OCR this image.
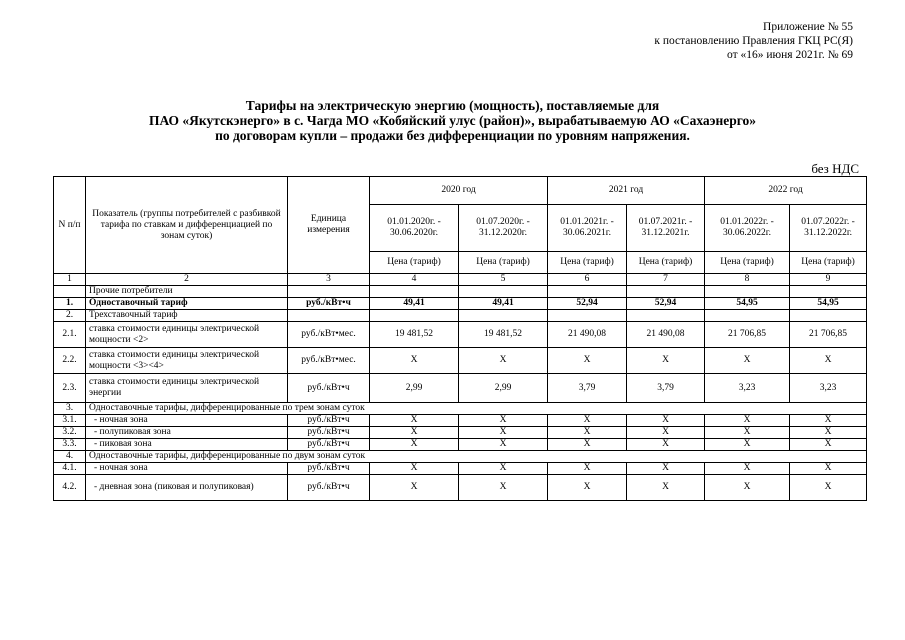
Приложение № 55
к постановлению Правления ГКЦ РС(Я)
от «16» июня 2021г. № 69
Тарифы на электрическую энергию (мощность), поставляемые для
ПАО «Якутскэнерго» в с. Чагда МО «Кобяйский улус (район)», вырабатываемую АО «Сахаэнерго»
по договорам купли – продажи без дифференциации по уровням напряжения.
без НДС
N п/п	Показатель (группы потребителей с разбивкой тарифа по ставкам и дифференциацией по зонам суток)	Единица измерения	2020 год		2021 год		2022 год	
			01.01.2020г. - 30.06.2020г.	01.07.2020г. - 31.12.2020г.	01.01.2021г. - 30.06.2021г.	01.07.2021г. - 31.12.2021г.	01.01.2022г. - 30.06.2022г.	01.07.2022г. - 31.12.2022г.
			Цена (тариф)	Цена (тариф)	Цена (тариф)	Цена (тариф)	Цена (тариф)	Цена (тариф)
1	2	3	4	5	6	7	8	9
	Прочие потребители							
1.	Одноставочный тариф	руб./кВт•ч	49,41	49,41	52,94	52,94	54,95	54,95
2.	Трехставочный тариф							
2.1.	ставка стоимости единицы электрической мощности <2>	руб./кВт•мес.	19 481,52	19 481,52	21 490,08	21 490,08	21 706,85	21 706,85
2.2.	ставка стоимости единицы электрической мощности <3><4>	руб./кВт•мес.	X	X	X	X	X	X
2.3.	ставка стоимости единицы электрической энергии	руб./кВт•ч	2,99	2,99	3,79	3,79	3,23	3,23
3.	Одноставочные тарифы, дифференцированные по трем зонам суток							
3.1.	- ночная зона	руб./кВт•ч	X	X	X	X	X	X
3.2.	- полупиковая зона	руб./кВт•ч	X	X	X	X	X	X
3.3.	- пиковая зона	руб./кВт•ч	X	X	X	X	X	X
4.	Одноставочные тарифы, дифференцированные по двум зонам суток							
4.1.	- ночная зона	руб./кВт•ч	X	X	X	X	X	X
4.2.	- дневная зона (пиковая и полупиковая)	руб./кВт•ч	X	X	X	X	X	X
